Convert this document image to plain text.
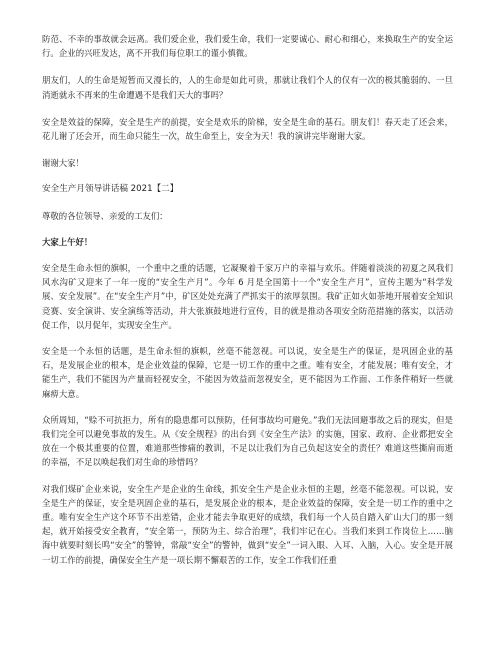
防范、不幸的事故就会远离。我们爱企业，我们爱生命，我们一定要诚心、耐心和细心，来换取生产的安全运行。企业的兴旺发达，离不开我们每位职工的谨小慎微。

朋友们，人的生命是短暂而又漫长的，人的生命是如此可贵，那就让我们个人的仅有一次的极其脆弱的、一旦消逝就永不再来的生命遭遇不是我们天大的事吗？

安全是效益的保障，安全是生产的前提，安全是欢乐的阶梯，安全是生命的基石。朋友们！春天走了还会来，花儿谢了还会开，而生命只能生一次，故生命至上，安全为天！我的演讲完毕谢谢大家。

谢谢大家！
安全生产月领导讲话稿 2021【二】
尊敬的各位领导、亲爱的工友们：
大家上午好！

安全是生命永恒的旗帜，一个重中之重的话题，它凝聚着千家万户的幸福与欢乐。伴随着淡淡的初夏之风我们风水沟矿又迎来了一年一度的“安全生产月”。今年 6 月是全国第十一个“安全生产月”，宣传主题为“科学发展、安全发展”。在“安全生产月”中，矿区处处充满了严抓实干的浓厚氛围。我矿正如火如荼地开展着安全知识竞赛、安全演讲、安全演练等活动，并大张旗鼓地进行宣传，目的就是推动各项安全防范措施的落实，以活动促工作，以月促年，实现安全生产。

安全是一个永恒的话题，是生命永恒的旗帜，丝毫不能忽视。可以说，安全是生产的保证，是巩固企业的基石，是发展企业的根本，是企业效益的保障，它是一切工作的重中之重。唯有安全，才能发展；唯有安全，才能生产，我们不能因为产量而轻视安全，不能因为效益而忽视安全，更不能因为工作面、工作条件稍好一些就麻痹大意。

众所周知，“赊不可抗拒力，所有的隐患都可以预防，任何事故均可避免。”我们无法回避事故之后的现实，但是我们完全可以避免事故的发生。从《安全规程》的出台到《安全生产法》的实施，国家、政府、企业都把安全放在一个极其重要的位置，难道那些惨痛的教训，不足以让我们为自己负起这安全的责任？难道这些撕肩而逝的幸福，不足以唤起我们对生命的珍惜吗？

对我们煤矿企业来说，安全生产是企业的生命线，抓安全生产是企业永恒的主题，丝毫不能忽视。可以说，安全是生产的保证，安全是巩固企业的基石，是发展企业的根本，是企业效益的保障，安全是一切工作的重中之重。唯有安全生产这个环节不出差错，企业才能去争取更好的成绩，我们每一个人员自踏入矿山大门的那一刻起，就开始接受安全教育，“安全第一，预防为主、综合治理”，我们牢记在心。当我们来到工作岗位上……脑海中就要时刻长鸣“安全”的警钟，常敲“安全”的警钟，做到“安全”一词入眼、入耳、入脑，入心。安全是开展一切工作的前提，确保安全生产是一项长期不懈艰苦的工作，安全工作我们任重
